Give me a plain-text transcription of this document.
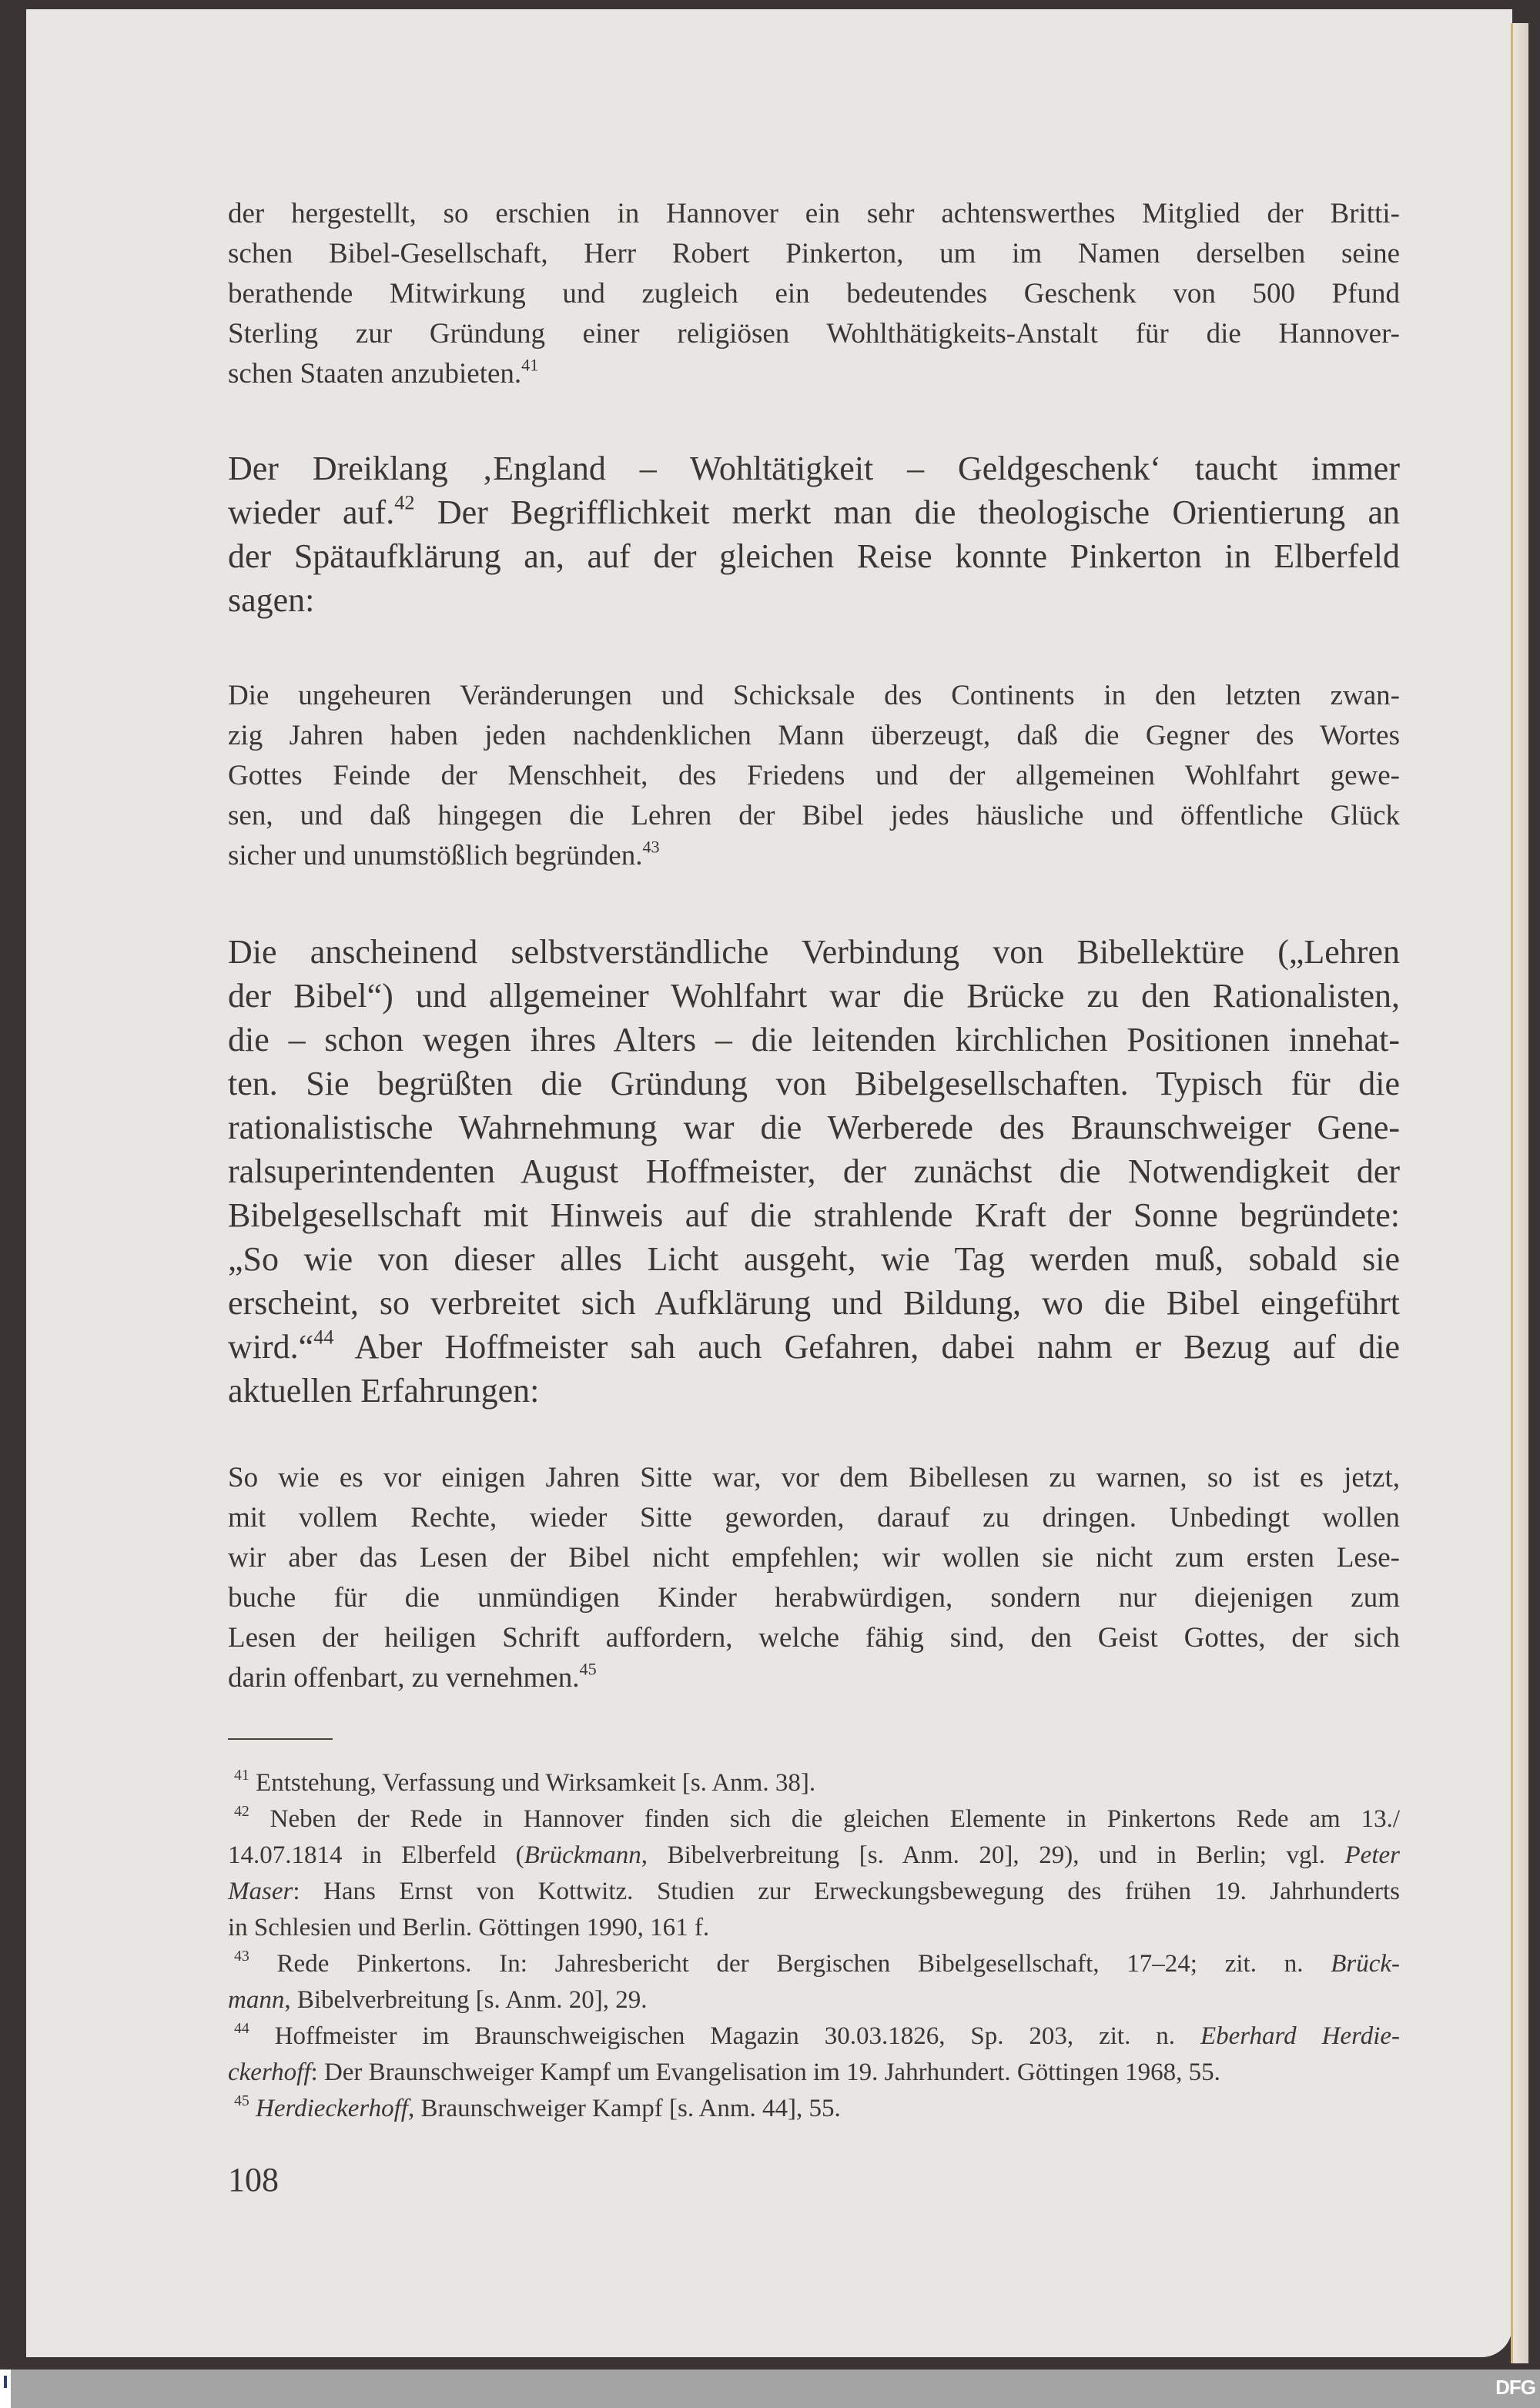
der hergestellt, so erschien in Hannover ein sehr achtenswerthes Mitglied der Britti-
schen Bibel-Gesellschaft, Herr Robert Pinkerton, um im Namen derselben seine
berathende Mitwirkung und zugleich ein bedeutendes Geschenk von 500 Pfund
Sterling zur Gründung einer religiösen Wohlthätigkeits-Anstalt für die Hannover-
schen Staaten anzubieten.$^{41}$
Der Dreiklang ‚England – Wohltätigkeit – Geldgeschenk‘ taucht immer
wieder auf.$^{42}$ Der Begrifflichkeit merkt man die theologische Orientierung an
der Spätaufklärung an, auf der gleichen Reise konnte Pinkerton in Elberfeld
sagen:
Die ungeheuren Veränderungen und Schicksale des Continents in den letzten zwan-
zig Jahren haben jeden nachdenklichen Mann überzeugt, daß die Gegner des Wortes
Gottes Feinde der Menschheit, des Friedens und der allgemeinen Wohlfahrt gewe-
sen, und daß hingegen die Lehren der Bibel jedes häusliche und öffentliche Glück
sicher und unumstößlich begründen.$^{43}$
Die anscheinend selbstverständliche Verbindung von Bibellektüre („Lehren
der Bibel“) und allgemeiner Wohlfahrt war die Brücke zu den Rationalisten,
die – schon wegen ihres Alters – die leitenden kirchlichen Positionen innehat-
ten. Sie begrüßten die Gründung von Bibelgesellschaften. Typisch für die
rationalistische Wahrnehmung war die Werberede des Braunschweiger Gene-
ralsuperintendenten August Hoffmeister, der zunächst die Notwendigkeit der
Bibelgesellschaft mit Hinweis auf die strahlende Kraft der Sonne begründete:
„So wie von dieser alles Licht ausgeht, wie Tag werden muß, sobald sie
erscheint, so verbreitet sich Aufklärung und Bildung, wo die Bibel eingeführt
wird.“$^{44}$ Aber Hoffmeister sah auch Gefahren, dabei nahm er Bezug auf die
aktuellen Erfahrungen:
So wie es vor einigen Jahren Sitte war, vor dem Bibellesen zu warnen, so ist es jetzt,
mit vollem Rechte, wieder Sitte geworden, darauf zu dringen. Unbedingt wollen
wir aber das Lesen der Bibel nicht empfehlen; wir wollen sie nicht zum ersten Lese-
buche für die unmündigen Kinder herabwürdigen, sondern nur diejenigen zum
Lesen der heiligen Schrift auffordern, welche fähig sind, den Geist Gottes, der sich
darin offenbart, zu vernehmen.$^{45}$
$^{41}$ Entstehung, Verfassung und Wirksamkeit [s. Anm. 38].
$^{42}$ Neben der Rede in Hannover finden sich die gleichen Elemente in Pinkertons Rede am 13./
14.07.1814 in Elberfeld (Brückmann, Bibelverbreitung [s. Anm. 20], 29), und in Berlin; vgl. Peter
Maser: Hans Ernst von Kottwitz. Studien zur Erweckungsbewegung des frühen 19. Jahrhunderts
in Schlesien und Berlin. Göttingen 1990, 161 f.
$^{43}$ Rede Pinkertons. In: Jahresbericht der Bergischen Bibelgesellschaft, 17–24; zit. n. Brück-
mann, Bibelverbreitung [s. Anm. 20], 29.
$^{44}$ Hoffmeister im Braunschweigischen Magazin 30.03.1826, Sp. 203, zit. n. Eberhard Herdie-
ckerhoff: Der Braunschweiger Kampf um Evangelisation im 19. Jahrhundert. Göttingen 1968, 55.
$^{45}$ Herdieckerhoff, Braunschweiger Kampf [s. Anm. 44], 55.
108
DFG
